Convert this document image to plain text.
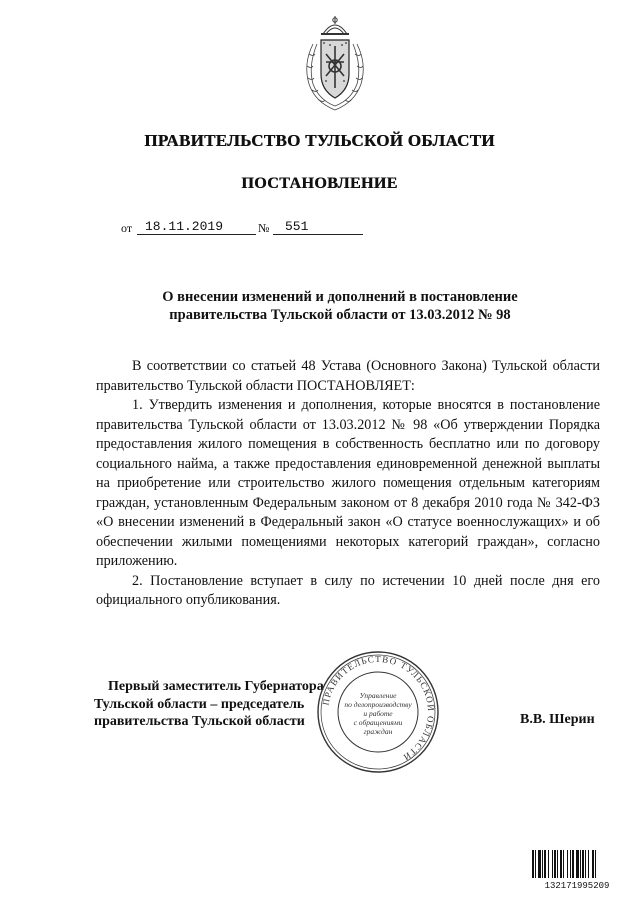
ПРАВИТЕЛЬСТВО ТУЛЬСКОЙ ОБЛАСТИ
ПОСТАНОВЛЕНИЕ
от 18.11.2019	№ 551
О внесении изменений и дополнений в постановление
правительства Тульской области от 13.03.2012 № 98

В соответствии со статьей 48 Устава (Основного Закона) Тульской области правительство Тульской области ПОСТАНОВЛЯЕТ:

1. Утвердить изменения и дополнения, которые вносятся в постановление правительства Тульской области от 13.03.2012 № 98 «Об утверждении Порядка предоставления жилого помещения в собственность бесплатно или по договору социального найма, а также предоставления единовременной денежной выплаты на приобретение или строительство жилого помещения отдельным категориям граждан, установленным Федеральным законом от 8 декабря 2010 года № 342-ФЗ «О внесении изменений в Федеральный закон «О статусе военнослужащих» и об обеспечении жилыми помещениями некоторых категорий граждан», согласно приложению.

2. Постановление вступает в силу по истечении 10 дней после дня его официального опубликования.

Первый заместитель Губернатора
Тульской области – председатель
правительства Тульской области	В.В. Шерин
ПРАВИТЕЛЬСТВО ТУЛЬСКОЙ ОБЛАСТИ
Управление
по делопроизводству
и работе
с обращениями
граждан
132171995209
